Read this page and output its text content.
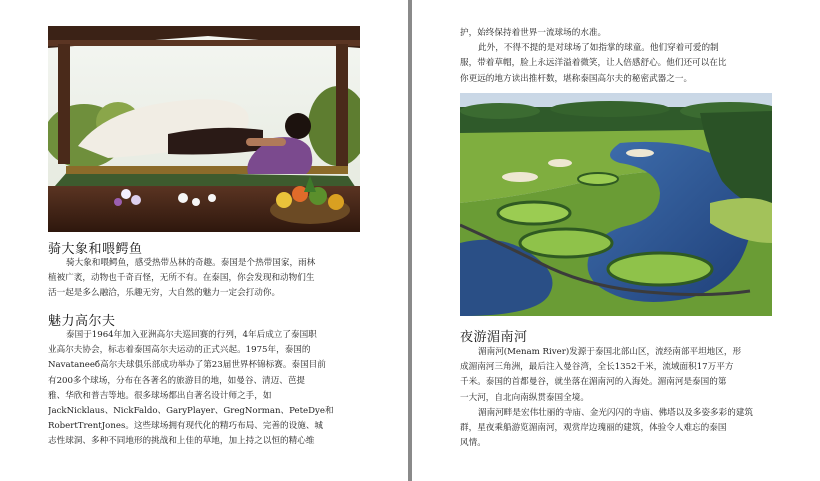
骑大象和喂鳄鱼
骑大象和喂鳄鱼，感受热带丛林的奇趣。泰国是个热带国家，雨林
植被广袤，动物也千奇百怪，无所不有。在泰国，你会发现和动物们生
活一起是多么融洽，乐趣无穷，大自然的魅力一定会打动你。
魅力高尔夫
泰国于1964年加入亚洲高尔夫巡回赛的行列，4年后成立了泰国职
业高尔夫协会，标志着泰国高尔夫运动的正式兴起。1975年，泰国的
Navataneeб高尔夫球俱乐部成功举办了第23届世界杯锦标赛。泰国目前
有200多个球场，分布在各著名的旅游目的地，如曼谷、清迈、芭提
雅、华欣和普吉等地。很多球场都出自著名设计师之手，如
JackNicklaus、NickFaldo、GaryPlayer、GregNorman、PeteDye和
RobertTrentJones。这些球场拥有现代化的精巧布局、完善的设施、城
志性球洞、多种不同地形的挑战和上佳的草地，加上持之以恒的精心维
护，始终保持着世界一流球场的水准。
此外，不得不提的是对球场了如指掌的球童。他们穿着可爱的制
服，带着草帽，脸上永远洋溢着微笑，让人倍感舒心。他们还可以在比
你更远的地方读出推杆数，堪称泰国高尔夫的秘密武器之一。
夜游湄南河
湄南河(Menam River)发源于泰国北部山区，流经南部平坦地区，形
成湄南河三角洲，最后注入曼谷湾，全长1352千米，流域面积17万平方
千米。泰国的首都曼谷，就坐落在湄南河的入海处。湄南河是泰国的第
一大河，自北向南纵贯泰国全境。
湄南河畔是宏伟壮丽的寺庙、金光闪闪的寺庙、佛塔以及多姿多彩的建筑
群，星夜乘船游览湄南河，观赏岸边瑰丽的建筑，体验令人难忘的泰国
风情。
